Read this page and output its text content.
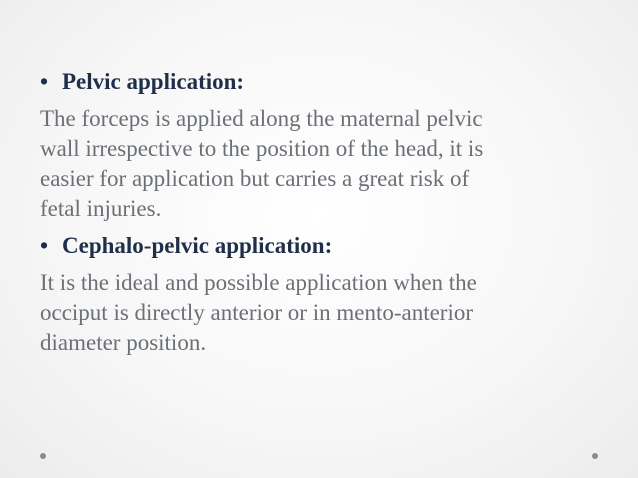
• Pelvic application:
The forceps is applied along the maternal pelvic
wall irrespective to the position of the head, it is
easier for application but carries a great risk of
fetal injuries.
• Cephalo-pelvic application:
It is the ideal and possible application when the
occiput is directly anterior or in mento-anterior
diameter position.
